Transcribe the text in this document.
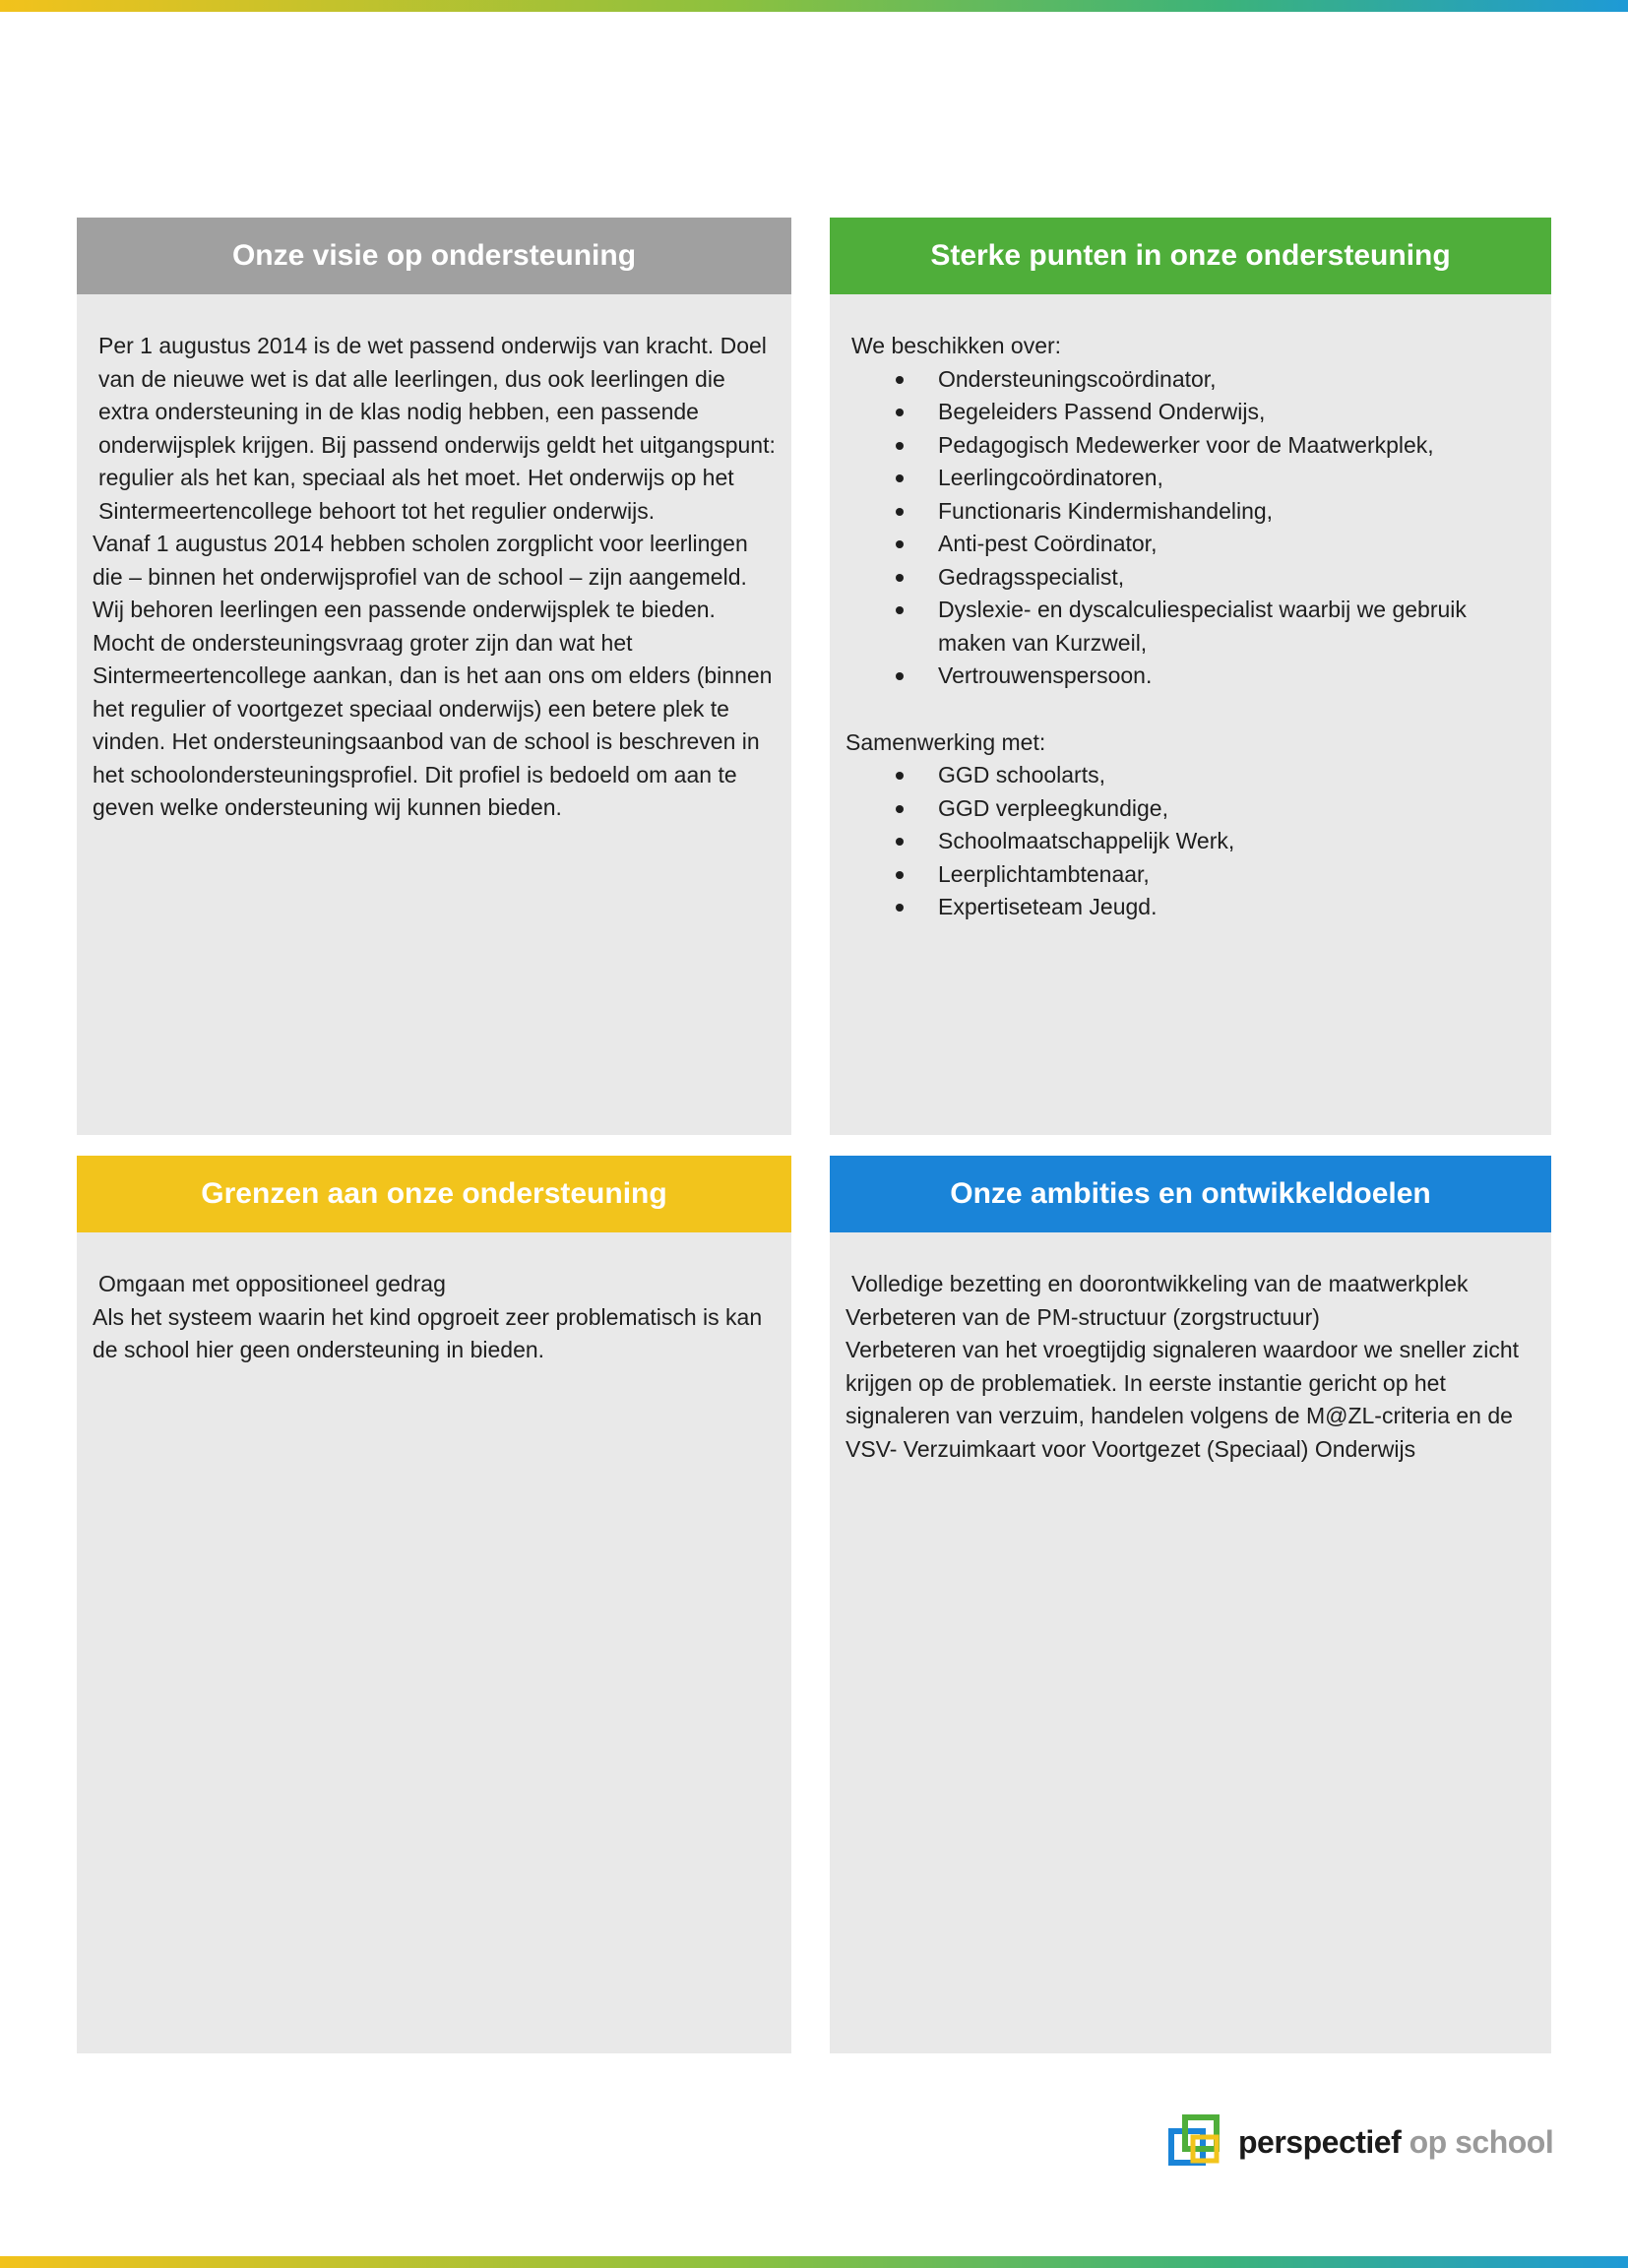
Onze visie op ondersteuning

Per 1 augustus 2014 is de wet passend onderwijs van kracht. Doel van de nieuwe wet is dat alle leerlingen, dus ook leerlingen die extra ondersteuning in de klas nodig hebben, een passende onderwijsplek krijgen. Bij passend onderwijs geldt het uitgangspunt: regulier als het kan, speciaal als het moet. Het onderwijs op het Sintermeertencollege behoort tot het regulier onderwijs.

Vanaf 1 augustus 2014 hebben scholen zorgplicht voor leerlingen die – binnen het onderwijsprofiel van de school – zijn aangemeld. Wij behoren leerlingen een passende onderwijsplek te bieden. Mocht de ondersteuningsvraag groter zijn dan wat het Sintermeertencollege aankan, dan is het aan ons om elders (binnen het regulier of voortgezet speciaal onderwijs) een betere plek te vinden. Het ondersteuningsaanbod van de school is beschreven in het schoolondersteuningsprofiel. Dit profiel is bedoeld om aan te geven welke ondersteuning wij kunnen bieden.

Sterke punten in onze ondersteuning

We beschikken over:

Ondersteuningscoördinator,
Begeleiders Passend Onderwijs,
Pedagogisch Medewerker voor de Maatwerkplek,
Leerlingcoördinatoren,
Functionaris Kindermishandeling,
Anti-pest Coördinator,
Gedragsspecialist,
Dyslexie- en dyscalculiespecialist waarbij we gebruik maken van Kurzweil,
Vertrouwenspersoon.

Samenwerking met:

GGD schoolarts,
GGD verpleegkundige,
Schoolmaatschappelijk Werk,
Leerplichtambtenaar,
Expertiseteam Jeugd.
Grenzen aan onze ondersteuning

Omgaan met oppositioneel gedrag

Als het systeem waarin het kind opgroeit zeer problematisch is kan de school hier geen ondersteuning in bieden.

Onze ambities en ontwikkeldoelen

Volledige bezetting en doorontwikkeling van de maatwerkplek

Verbeteren van de PM-structuur (zorgstructuur)

Verbeteren van het vroegtijdig signaleren waardoor we sneller zicht krijgen op de problematiek. In eerste instantie gericht op het signaleren van verzuim, handelen volgens de M@ZL-criteria en de VSV- Verzuimkaart voor Voortgezet (Speciaal) Onderwijs

perspectief op school
